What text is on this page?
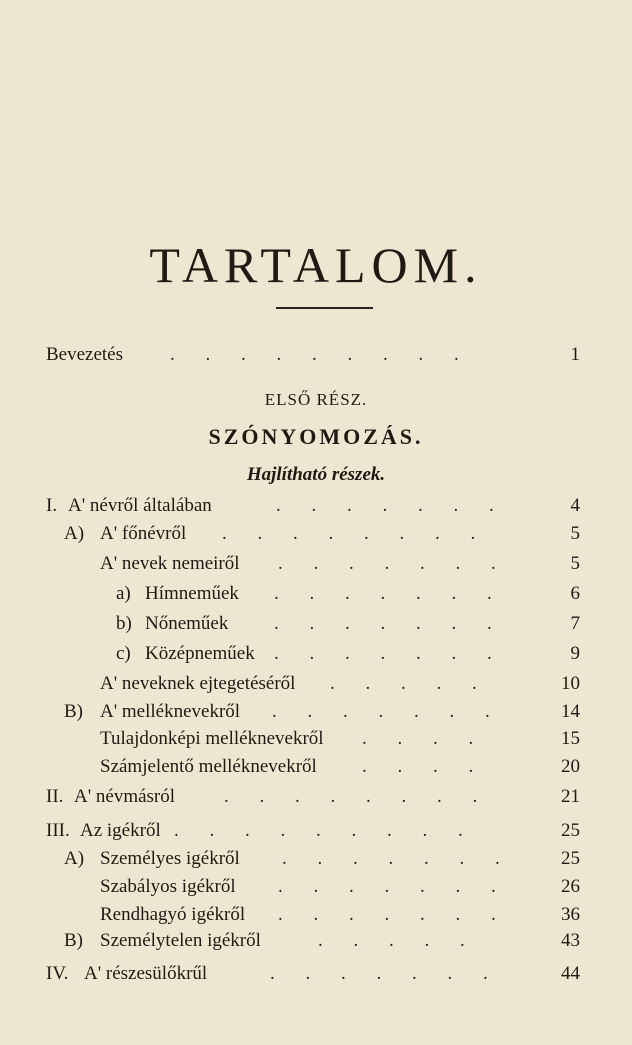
TARTALOM.
ELSŐ RÉSZ.
SZÓNYOMOZÁS.
Hajlítható részek.
Bevezetés . . . . . . . . .	1
I. A' névről általában	. . . . . . .	4
A) A' főnévről . . . . . . . .	5
A' nevek nemeiről . . . . . . .	5
a) Hímneműek . . . . . . .	6
b) Nőneműek . . . . . . .	7
c) Középneműek . . . . . . .	9
A' neveknek ejtegetéséről . . . . .	10
B) A' melléknevekről . . . . . . .	14
Tulajdonképi melléknevekről . . . .	15
Számjelentő melléknevekről . . . .	20
II. A' névmásról	. . . . . . . .	21
III. Az igékről . . . . . . . . .	25
A) Személyes igékről . . . . . . .	25
Szabályos igékről . . . . . . .	26
Rendhagyó igékről . . . . . . .	36
B) Személytelen igékről	. . . . .	43
IV. A' részesülőkrűl	. . . . . . .	44
